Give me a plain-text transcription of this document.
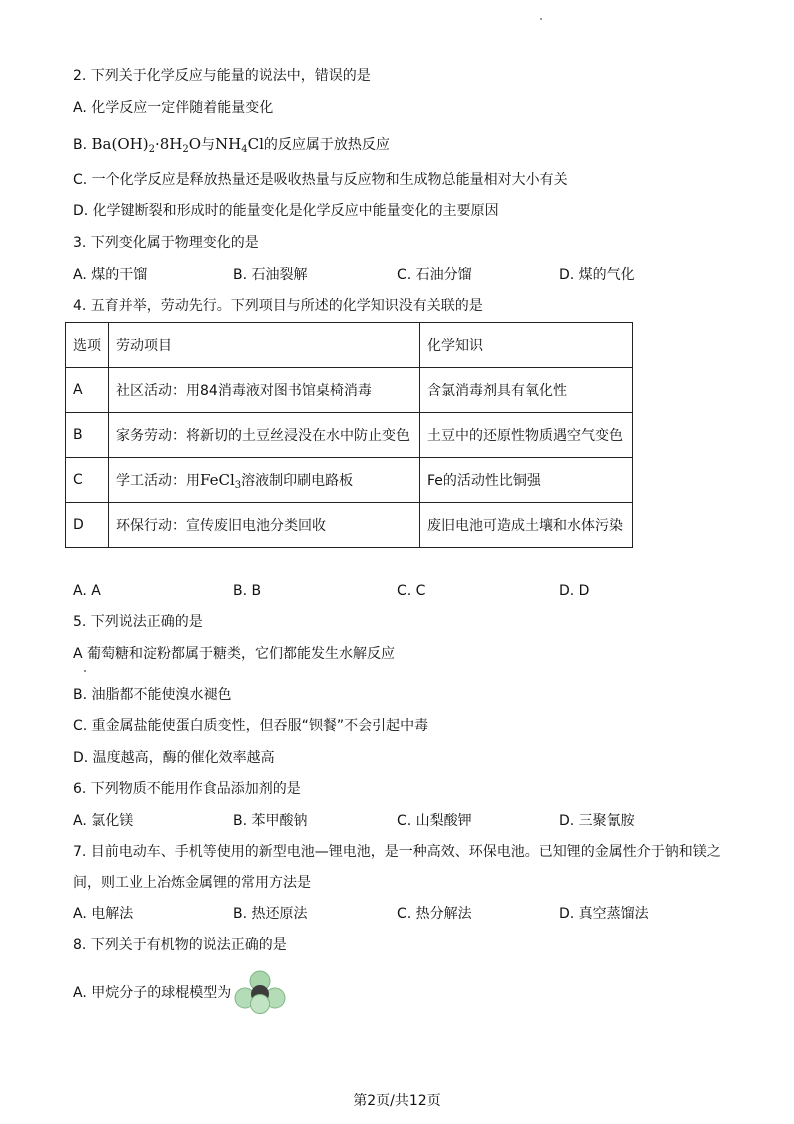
2. 下列关于化学反应与能量的说法中，错误的是
A. 化学反应一定伴随着能量变化
B. $Ba(OH)_2\cdot 8H_2O$与$NH_4Cl$的反应属于放热反应
C. 一个化学反应是释放热量还是吸收热量与反应物和生成物总能量相对大小有关
D. 化学键断裂和形成时的能量变化是化学反应中能量变化的主要原因
3. 下列变化属于物理变化的是
A. 煤的干馏	B. 石油裂解	C. 石油分馏	D. 煤的气化
4. 五育并举，劳动先行。下列项目与所述的化学知识没有关联的是
选项	劳动项目	化学知识
A	社区活动：用84消毒液对图书馆桌椅消毒	含氯消毒剂具有氧化性
B	家务劳动：将新切的土豆丝浸没在水中防止变色	土豆中的还原性物质遇空气变色
C	学工活动：用FeCl$_3$溶液制印刷电路板	Fe的活动性比铜强
D	环保行动：宣传废旧电池分类回收	废旧电池可造成土壤和水体污染
A. A	B. B	C. C	D. D
5. 下列说法正确的是
A 葡萄糖和淀粉都属于糖类，它们都能发生水解反应
B. 油脂都不能使溴水褪色
C. 重金属盐能使蛋白质变性，但吞服“钡餐”不会引起中毒
D. 温度越高，酶的催化效率越高
6. 下列物质不能用作食品添加剂的是
A. 氯化镁	B. 苯甲酸钠	C. 山梨酸钾	D. 三聚氰胺
7. 目前电动车、手机等使用的新型电池—锂电池，是一种高效、环保电池。已知锂的金属性介于钠和镁之
间，则工业上冶炼金属锂的常用方法是
A. 电解法	B. 热还原法	C. 热分解法	D. 真空蒸馏法
8. 下列关于有机物的说法正确的是
A. 甲烷分子的球棍模型为
第2页/共12页
